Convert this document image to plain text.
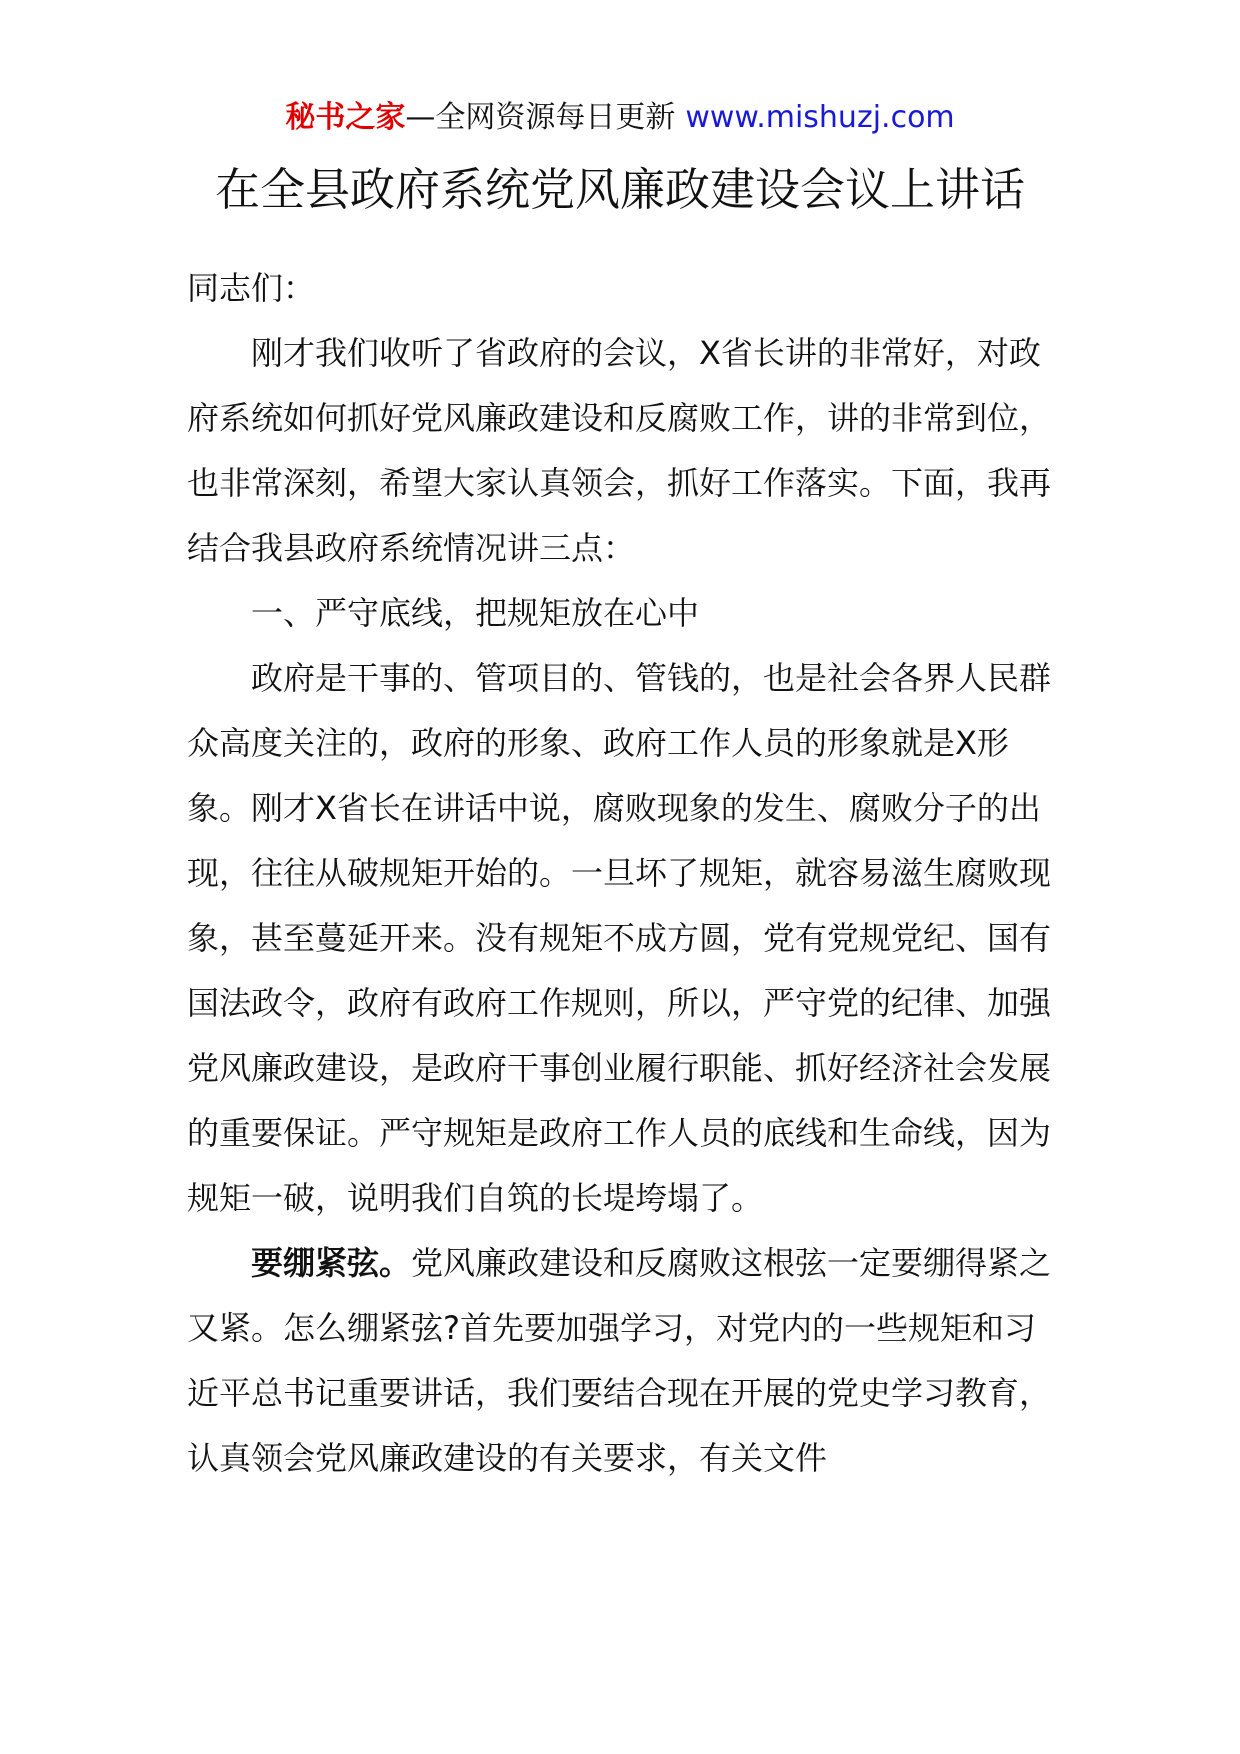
秘书之家—全网资源每日更新 www.mishuzj.com
在全县政府系统党风廉政建设会议上讲话

同志们：

刚才我们收听了省政府的会议，X省长讲的非常好，对政府系统如何抓好党风廉政建设和反腐败工作，讲的非常到位，也非常深刻，希望大家认真领会，抓好工作落实。下面，我再结合我县政府系统情况讲三点：

一、严守底线，把规矩放在心中

政府是干事的、管项目的、管钱的，也是社会各界人民群众高度关注的，政府的形象、政府工作人员的形象就是X形象。刚才X省长在讲话中说，腐败现象的发生、腐败分子的出现，往往从破规矩开始的。一旦坏了规矩，就容易滋生腐败现象，甚至蔓延开来。没有规矩不成方圆，党有党规党纪、国有国法政令，政府有政府工作规则，所以，严守党的纪律、加强党风廉政建设，是政府干事创业履行职能、抓好经济社会发展的重要保证。严守规矩是政府工作人员的底线和生命线，因为规矩一破，说明我们自筑的长堤垮塌了。

要绷紧弦。党风廉政建设和反腐败这根弦一定要绷得紧之又紧。怎么绷紧弦?首先要加强学习，对党内的一些规矩和习近平总书记重要讲话，我们要结合现在开展的党史学习教育，认真领会党风廉政建设的有关要求，有关文件
